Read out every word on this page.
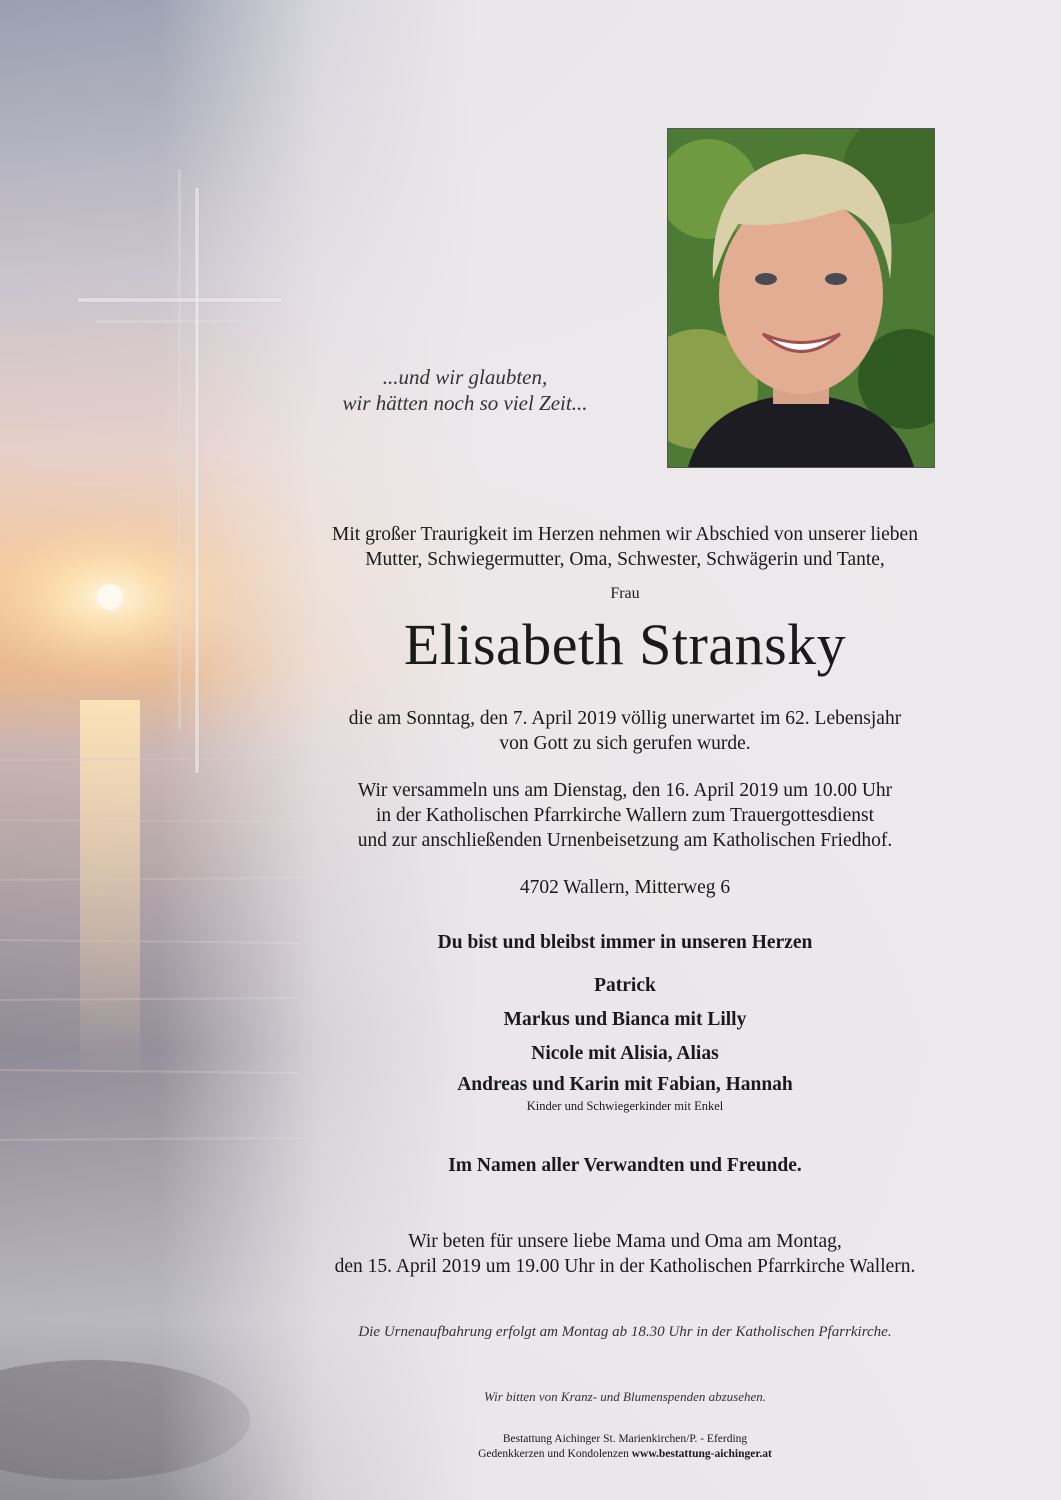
...und wir glaubten,
wir hätten noch so viel Zeit...
Mit großer Traurigkeit im Herzen nehmen wir Abschied von unserer lieben
Mutter, Schwiegermutter, Oma, Schwester, Schwägerin und Tante,
Frau
Elisabeth Stransky
die am Sonntag, den 7. April 2019 völlig unerwartet im 62. Lebensjahr
von Gott zu sich gerufen wurde.
Wir versammeln uns am Dienstag, den 16. April 2019 um 10.00 Uhr
in der Katholischen Pfarrkirche Wallern zum Trauergottesdienst
und zur anschließenden Urnenbeisetzung am Katholischen Friedhof.
4702 Wallern, Mitterweg 6
Du bist und bleibst immer in unseren Herzen
Patrick
Markus und Bianca mit Lilly
Nicole mit Alisia, Alias
Andreas und Karin mit Fabian, Hannah
Kinder und Schwiegerkinder mit Enkel
Im Namen aller Verwandten und Freunde.
Wir beten für unsere liebe Mama und Oma am Montag,
den 15. April 2019 um 19.00 Uhr in der Katholischen Pfarrkirche Wallern.
Die Urnenaufbahrung erfolgt am Montag ab 18.30 Uhr in der Katholischen Pfarrkirche.
Wir bitten von Kranz- und Blumenspenden abzusehen.
Bestattung Aichinger St. Marienkirchen/P. - Eferding
Gedenkkerzen und Kondolenzen www.bestattung-aichinger.at
